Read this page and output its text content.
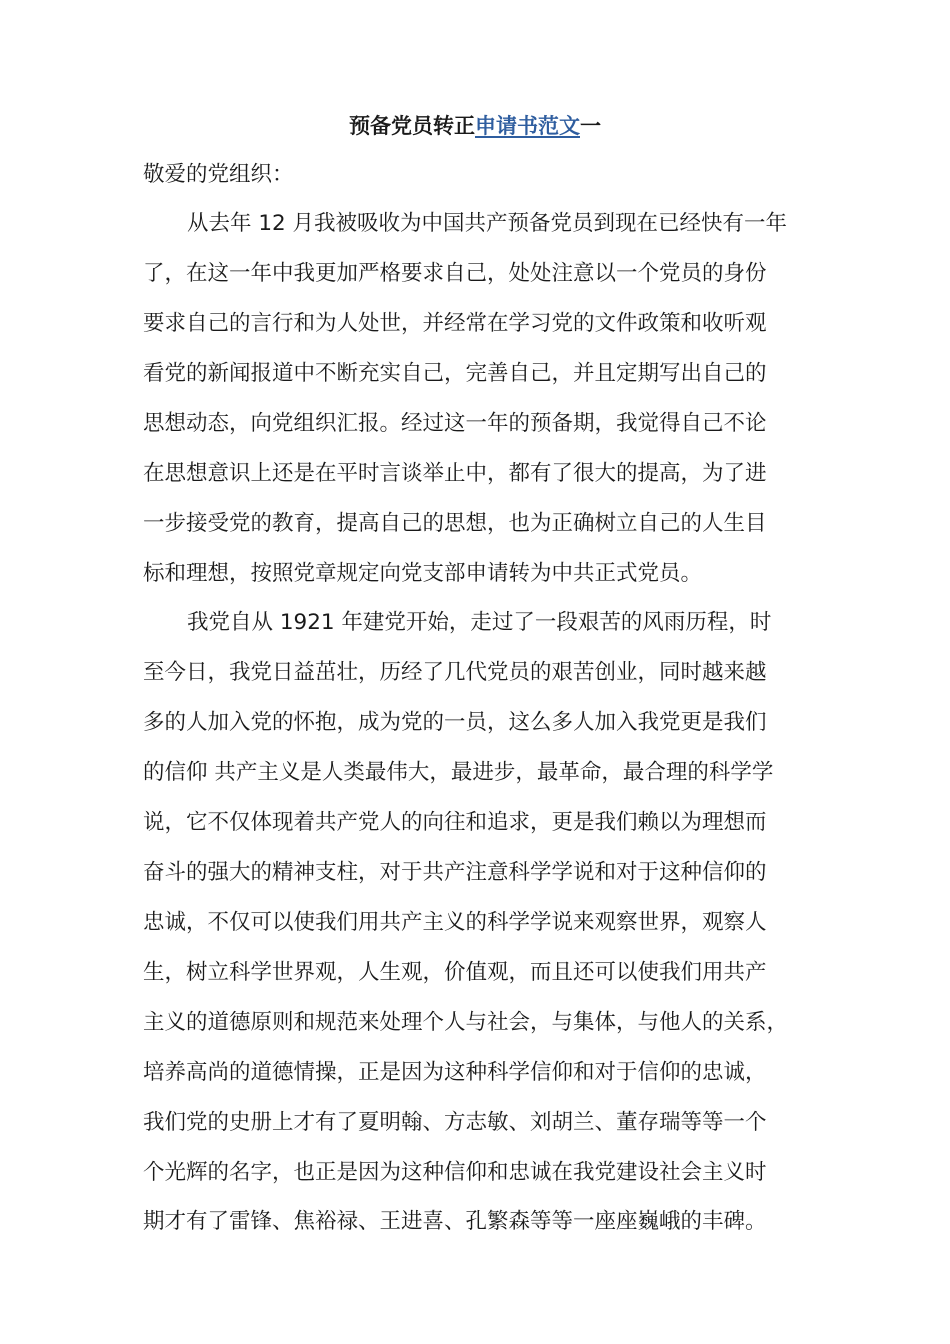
预备党员转正申请书范文一
敬爱的党组织：
从去年 12 月我被吸收为中国共产预备党员到现在已经快有一年
了，在这一年中我更加严格要求自己，处处注意以一个党员的身份
要求自己的言行和为人处世，并经常在学习党的文件政策和收听观
看党的新闻报道中不断充实自己，完善自己，并且定期写出自己的
思想动态，向党组织汇报。经过这一年的预备期，我觉得自己不论
在思想意识上还是在平时言谈举止中，都有了很大的提高，为了进
一步接受党的教育，提高自己的思想，也为正确树立自己的人生目
标和理想，按照党章规定向党支部申请转为中共正式党员。
我党自从 1921 年建党开始，走过了一段艰苦的风雨历程，时
至今日，我党日益茁壮，历经了几代党员的艰苦创业，同时越来越
多的人加入党的怀抱，成为党的一员，这么多人加入我党更是我们
的信仰 共产主义是人类最伟大，最进步，最革命，最合理的科学学
说，它不仅体现着共产党人的向往和追求，更是我们赖以为理想而
奋斗的强大的精神支柱，对于共产注意科学学说和对于这种信仰的
忠诚，不仅可以使我们用共产主义的科学学说来观察世界，观察人
生，树立科学世界观，人生观，价值观，而且还可以使我们用共产
主义的道德原则和规范来处理个人与社会，与集体，与他人的关系，
培养高尚的道德情操，正是因为这种科学信仰和对于信仰的忠诚，
我们党的史册上才有了夏明翰、方志敏、刘胡兰、董存瑞等等一个
个光辉的名字，也正是因为这种信仰和忠诚在我党建设社会主义时
期才有了雷锋、焦裕禄、王进喜、孔繁森等等一座座巍峨的丰碑。
